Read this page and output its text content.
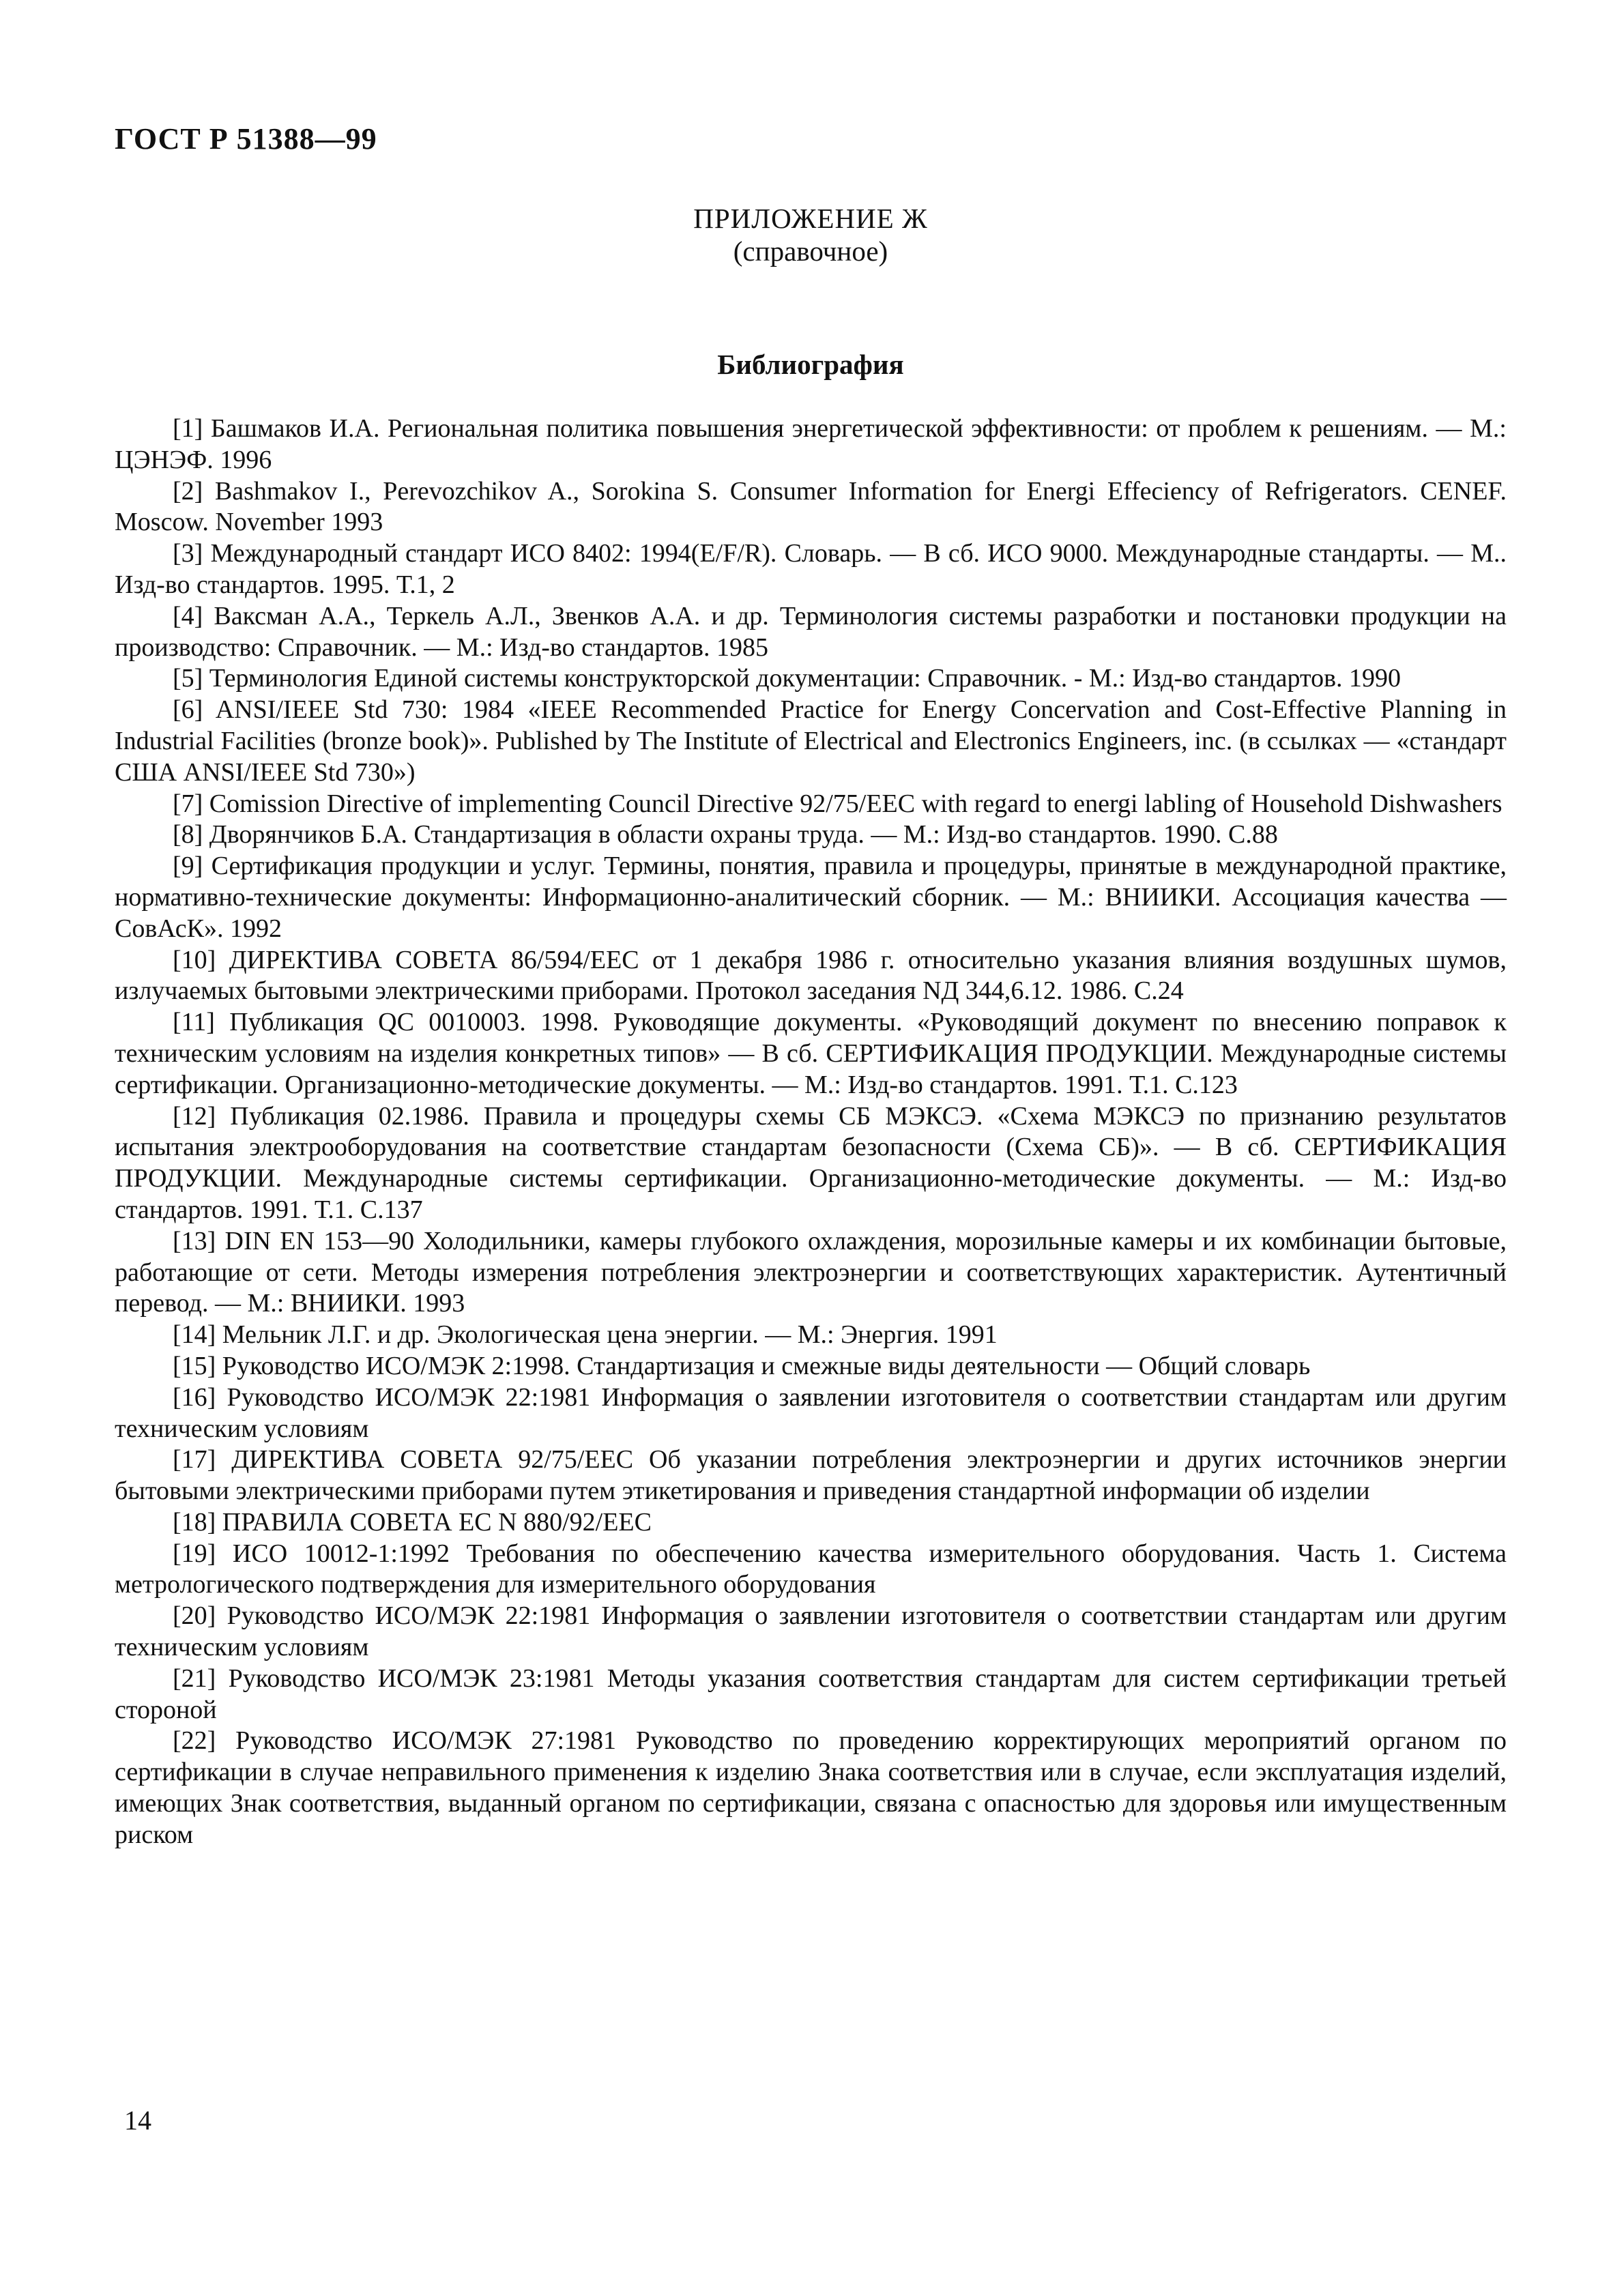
ГОСТ Р 51388—99
ПРИЛОЖЕНИЕ Ж
(справочное)
Библиография

[1] Башмаков И.А. Региональная политика повышения энергетической эффективности: от проблем к решениям. — М.: ЦЭНЭФ. 1996

[2] Bashmakov I., Perevozchikov A., Sorokina S. Consumer Information for Energi Effeciency of Refrigerators. CENEF. Moscow. November 1993

[3] Международный стандарт ИСО 8402: 1994(E/F/R). Словарь. — В сб. ИСО 9000. Международные стандарты. — М.. Изд-во стандартов. 1995. Т.1, 2

[4] Ваксман А.А., Теркель А.Л., Звенков А.А. и др. Терминология системы разработки и постановки продукции на производство: Справочник. — М.: Изд-во стандартов. 1985

[5] Терминология Единой системы конструкторской документации: Справочник. - М.: Изд-во стандартов. 1990

[6] ANSI/IEEE Std 730: 1984 «IEEE Recommended Practice for Energy Concervation and Cost-Effective Planning in Industrial Facilities (bronze book)». Published by The Institute of Electrical and Electronics Engineers, inc. (в ссылках — «стандарт США ANSI/IEEE Std 730»)

[7] Comission Directive of implementing Council Directive 92/75/EEC with regard to energi labling of Household Dishwashers

[8] Дворянчиков Б.А. Стандартизация в области охраны труда. — М.: Изд-во стандартов. 1990. С.88

[9] Сертификация продукции и услуг. Термины, понятия, правила и процедуры, принятые в международной практике, нормативно-технические документы: Информационно-аналитический сборник. — М.: ВНИИКИ. Ассоциация качества — СовАсК». 1992

[10] ДИРЕКТИВА СОВЕТА 86/594/ЕЕС от 1 декабря 1986 г. относительно указания влияния воздушных шумов, излучаемых бытовыми электрическими приборами. Протокол заседания NД 344,6.12. 1986. С.24

[11] Публикация QC 0010003. 1998. Руководящие документы. «Руководящий документ по внесению поправок к техническим условиям на изделия конкретных типов» — В сб. СЕРТИФИКАЦИЯ ПРОДУКЦИИ. Международные системы сертификации. Организационно-методические документы. — М.: Изд-во стандартов. 1991. Т.1. С.123

[12] Публикация 02.1986. Правила и процедуры схемы СБ МЭКСЭ. «Схема МЭКСЭ по признанию результатов испытания электрооборудования на соответствие стандартам безопасности (Схема СБ)». — В сб. СЕРТИФИКАЦИЯ ПРОДУКЦИИ. Международные системы сертификации. Организационно-методические документы. — М.: Изд-во стандартов. 1991. Т.1. С.137

[13] DIN EN 153—90 Холодильники, камеры глубокого охлаждения, морозильные камеры и их комбинации бытовые, работающие от сети. Методы измерения потребления электроэнергии и соответствующих характеристик. Аутентичный перевод. — М.: ВНИИКИ. 1993

[14] Мельник Л.Г. и др. Экологическая цена энергии. — М.: Энергия. 1991

[15] Руководство ИСО/МЭК 2:1998. Стандартизация и смежные виды деятельности — Общий словарь

[16] Руководство ИСО/МЭК 22:1981 Информация о заявлении изготовителя о соответствии стандартам или другим техническим условиям

[17] ДИРЕКТИВА СОВЕТА 92/75/ЕЕС Об указании потребления электроэнергии и других источников энергии бытовыми электрическими приборами путем этикетирования и приведения стандартной информации об изделии

[18] ПРАВИЛА СОВЕТА ЕС N 880/92/ЕЕС

[19] ИСО 10012-1:1992 Требования по обеспечению качества измерительного оборудования. Часть 1. Система метрологического подтверждения для измерительного оборудования

[20] Руководство ИСО/МЭК 22:1981 Информация о заявлении изготовителя о соответствии стандартам или другим техническим условиям

[21] Руководство ИСО/МЭК 23:1981 Методы указания соответствия стандартам для систем сертификации третьей стороной

[22] Руководство ИСО/МЭК 27:1981 Руководство по проведению корректирующих мероприятий органом по сертификации в случае неправильного применения к изделию Знака соответствия или в случае, если эксплуатация изделий, имеющих Знак соответствия, выданный органом по сертификации, связана с опасностью для здоровья или имущественным риском

14
